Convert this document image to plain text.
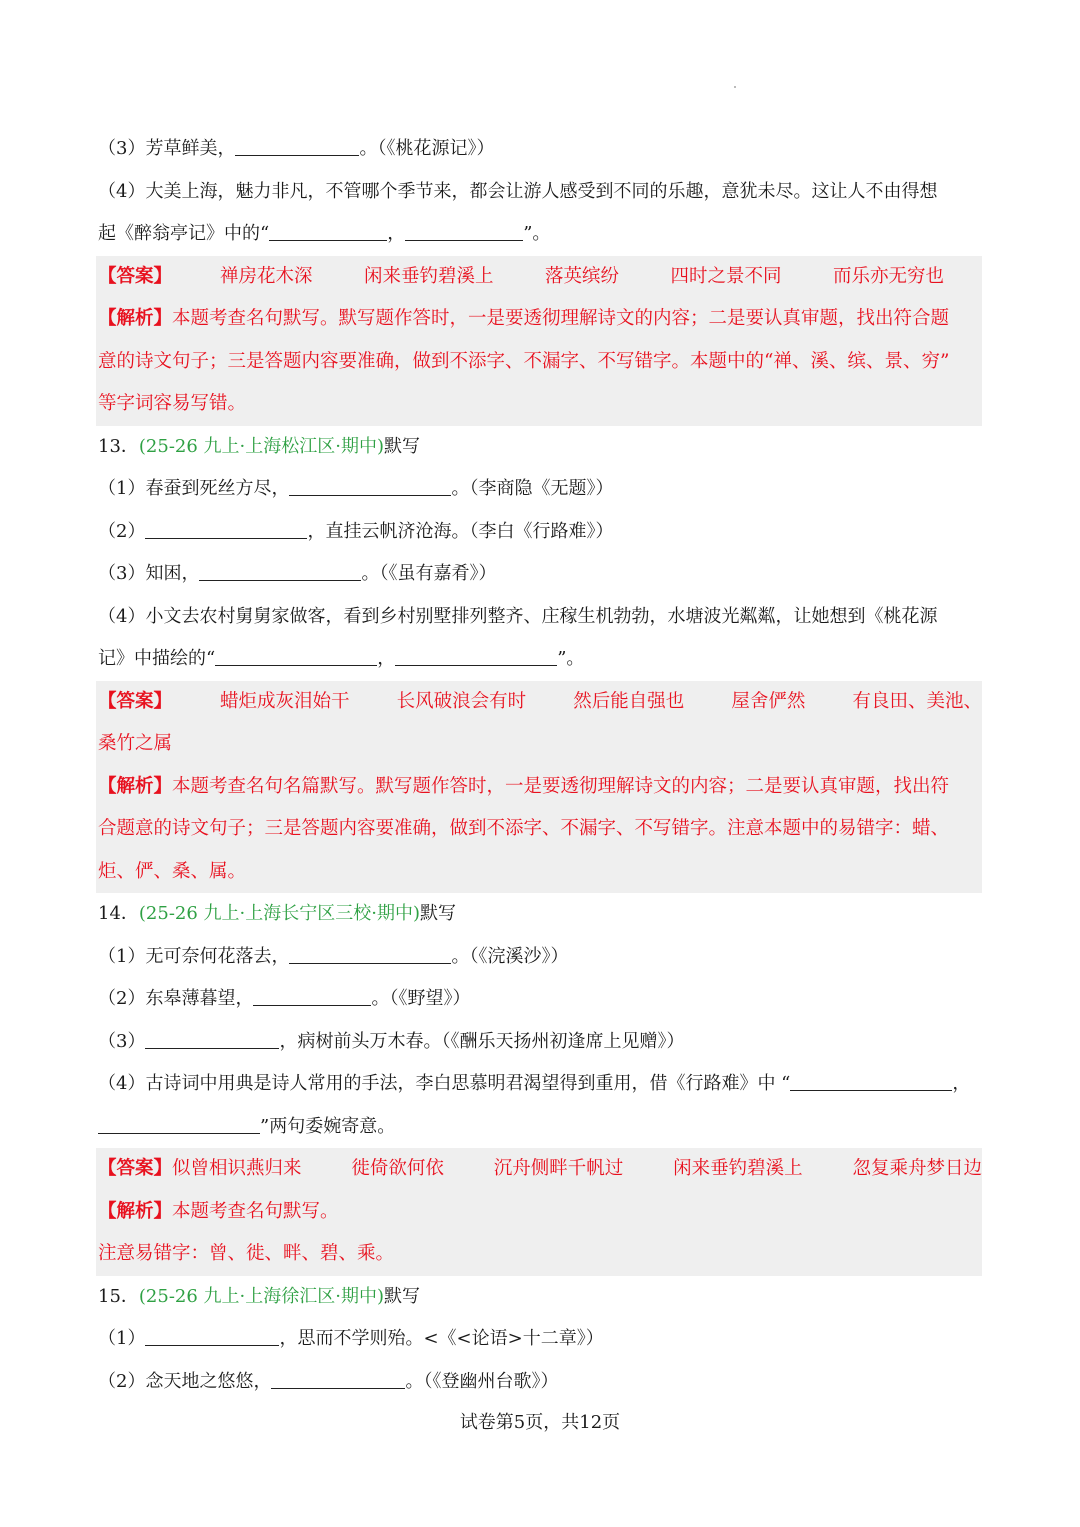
（3）芳草鲜美，	。（《桃花源记》）
（4）大美上海，魅力非凡，不管哪个季节来，都会让游人感受到不同的乐趣，意犹未尽。这让人不由得想
起《醉翁亭记》中的“	，	”。
【答案】	禅房花木深	闲来垂钓碧溪上	落英缤纷	四时之景不同	而乐亦无穷也
【解析】本题考查名句默写。默写题作答时，一是要透彻理解诗文的内容；二是要认真审题，找出符合题
意的诗文句子；三是答题内容要准确，做到不添字、不漏字、不写错字。本题中的“禅、溪、缤、景、穷”
等字词容易写错。
13．(25-26 九上·上海松江区·期中)默写
（1）春蚕到死丝方尽，	。（李商隐《无题》）
（2）	，直挂云帆济沧海。（李白《行路难》）
（3）知困，	。（《虽有嘉肴》）
（4）小文去农村舅舅家做客，看到乡村别墅排列整齐、庄稼生机勃勃，水塘波光粼粼，让她想到《桃花源
记》中描绘的“	，	”。
【答案】	蜡炬成灰泪始干	长风破浪会有时	然后能自强也	屋舍俨然	有良田、美池、
桑竹之属
【解析】本题考查名句名篇默写。默写题作答时，一是要透彻理解诗文的内容；二是要认真审题，找出符
合题意的诗文句子；三是答题内容要准确，做到不添字、不漏字、不写错字。注意本题中的易错字：蜡、
炬、俨、桑、属。
14．(25-26 九上·上海长宁区三校·期中)默写
（1）无可奈何花落去，	。（《浣溪沙》）
（2）东皋薄暮望，	。（《野望》）
（3）	，病树前头万木春。（《酬乐天扬州初逢席上见赠》）
（4）古诗词中用典是诗人常用的手法，李白思慕明君渴望得到重用，借《行路难》中 “	，
”两句委婉寄意。
【答案】 似曾相识燕归来	徙倚欲何依	沉舟侧畔千帆过	闲来垂钓碧溪上	忽复乘舟梦日边
【解析】本题考查名句默写。
注意易错字：曾、徙、畔、碧、乘。
15．(25-26 九上·上海徐汇区·期中)默写
（1）	，思而不学则殆。<《<论语>十二章》）
（2）念天地之悠悠，	。（《登幽州台歌》）
试卷第5页，共12页
